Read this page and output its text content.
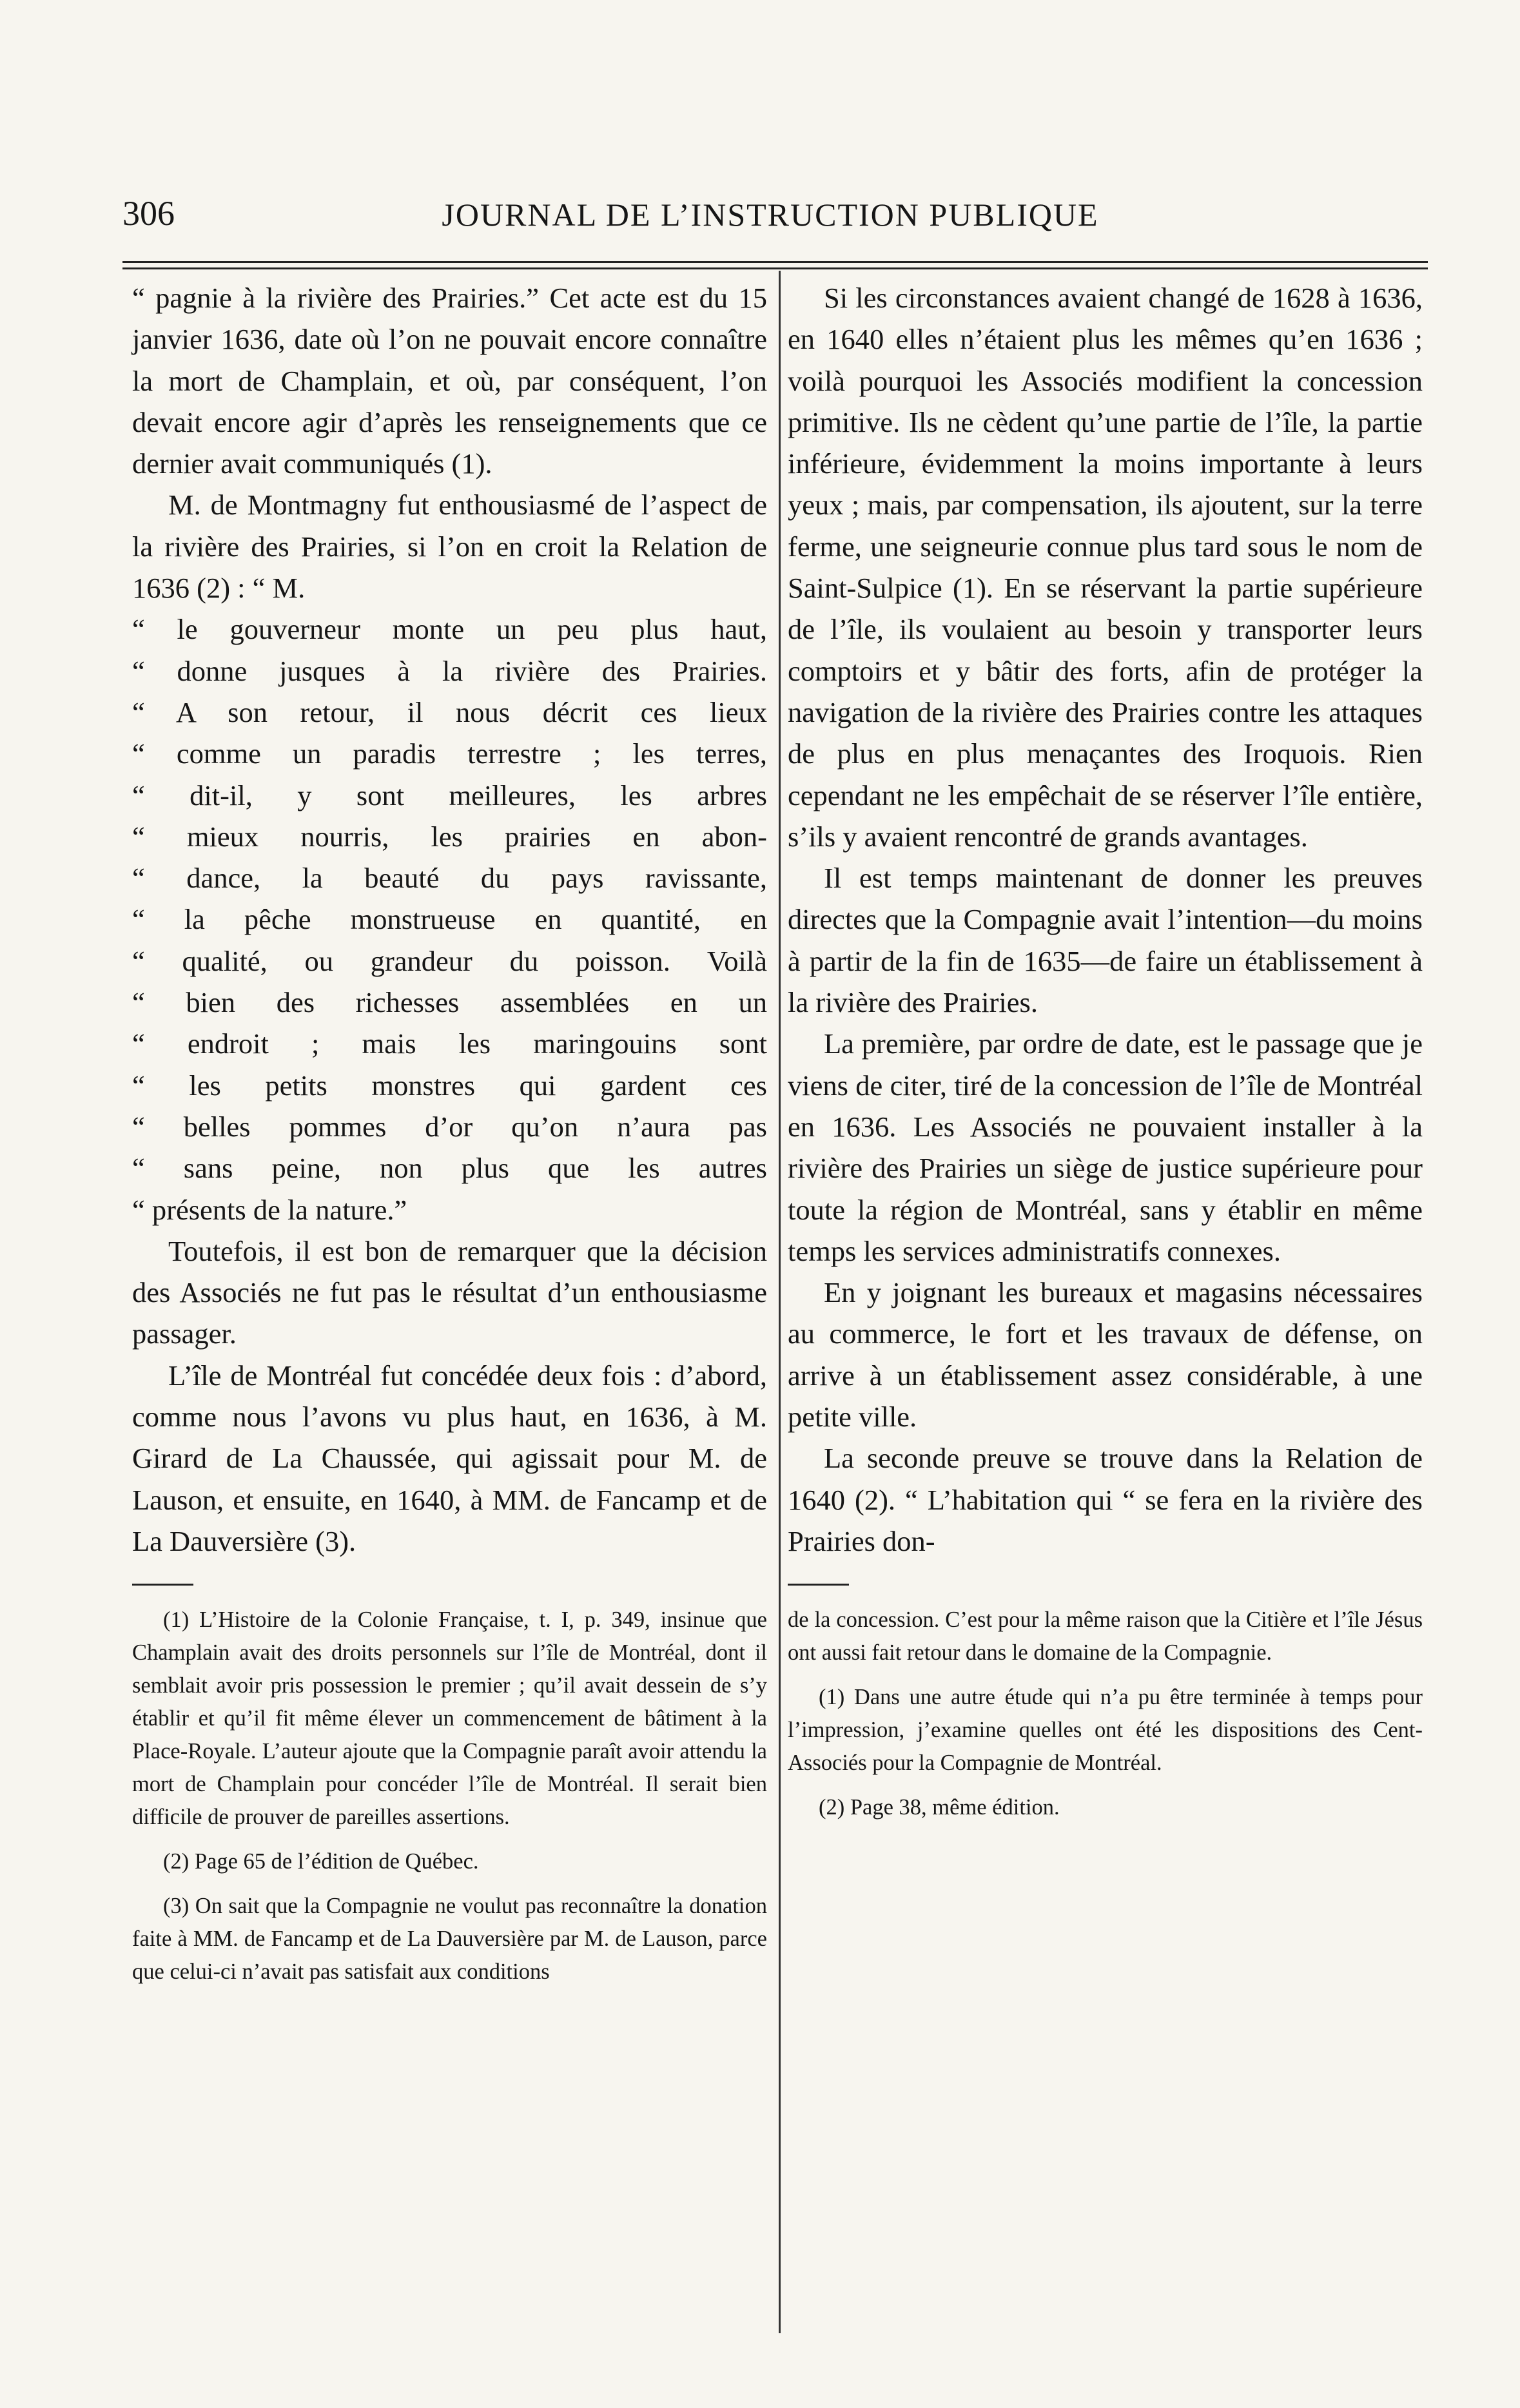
306	JOURNAL DE L’INSTRUCTION PUBLIQUE

“ pagnie à la rivière des Prairies.” Cet acte est du 15 janvier 1636, date où l’on ne pouvait encore connaître la mort de Champlain, et où, par conséquent, l’on devait encore agir d’après les renseignements que ce dernier avait communiqués (1).

M. de Montmagny fut enthousiasmé de l’aspect de la rivière des Prairies, si l’on en croit la Relation de 1636 (2) : “ M.

“ le gouverneur monte un peu plus haut,
“ donne jusques à la rivière des Prairies.
“ A son retour, il nous décrit ces lieux
“ comme un paradis terrestre ; les terres,
“ dit-il, y sont meilleures, les arbres
“ mieux nourris, les prairies en abon-
“ dance, la beauté du pays ravissante,
“ la pêche monstrueuse en quantité, en
“ qualité, ou grandeur du poisson. Voilà
“ bien des richesses assemblées en un
“ endroit ; mais les maringouins sont
“ les petits monstres qui gardent ces
“ belles pommes d’or qu’on n’aura pas
“ sans peine, non plus que les autres
“ présents de la nature.”

Toutefois, il est bon de remarquer que la décision des Associés ne fut pas le résultat d’un enthousiasme passager.

L’île de Montréal fut concédée deux fois : d’abord, comme nous l’avons vu plus haut, en 1636, à M. Girard de La Chaussée, qui agissait pour M. de Lauson, et ensuite, en 1640, à MM. de Fancamp et de La Dauversière (3).

(1) L’Histoire de la Colonie Française, t. I, p. 349, insinue que Champlain avait des droits personnels sur l’île de Montréal, dont il semblait avoir pris possession le premier ; qu’il avait dessein de s’y établir et qu’il fit même élever un commencement de bâtiment à la Place-Royale. L’auteur ajoute que la Compagnie paraît avoir attendu la mort de Champlain pour concéder l’île de Montréal. Il serait bien difficile de prouver de pareilles assertions.

(2) Page 65 de l’édition de Québec.

(3) On sait que la Compagnie ne voulut pas reconnaître la donation faite à MM. de Fancamp et de La Dauversière par M. de Lauson, parce que celui-ci n’avait pas satisfait aux conditions

Si les circonstances avaient changé de 1628 à 1636, en 1640 elles n’étaient plus les mêmes qu’en 1636 ; voilà pourquoi les Associés modifient la concession primitive. Ils ne cèdent qu’une partie de l’île, la partie inférieure, évidemment la moins importante à leurs yeux ; mais, par compensation, ils ajoutent, sur la terre ferme, une seigneurie connue plus tard sous le nom de Saint-Sulpice (1). En se réservant la partie supérieure de l’île, ils voulaient au besoin y transporter leurs comptoirs et y bâtir des forts, afin de protéger la navigation de la rivière des Prairies contre les attaques de plus en plus menaçantes des Iroquois. Rien cependant ne les empêchait de se réserver l’île entière, s’ils y avaient rencontré de grands avantages.

Il est temps maintenant de donner les preuves directes que la Compagnie avait l’intention—du moins à partir de la fin de 1635—de faire un établissement à la rivière des Prairies.

La première, par ordre de date, est le passage que je viens de citer, tiré de la concession de l’île de Montréal en 1636. Les Associés ne pouvaient installer à la rivière des Prairies un siège de justice supérieure pour toute la région de Montréal, sans y établir en même temps les services administratifs connexes.

En y joignant les bureaux et magasins nécessaires au commerce, le fort et les travaux de défense, on arrive à un établissement assez considérable, à une petite ville.

La seconde preuve se trouve dans la Relation de 1640 (2). “ L’habitation qui “ se fera en la rivière des Prairies don-

de la concession. C’est pour la même raison que la Citière et l’île Jésus ont aussi fait retour dans le domaine de la Compagnie.

(1) Dans une autre étude qui n’a pu être terminée à temps pour l’impression, j’examine quelles ont été les dispositions des Cent-Associés pour la Compagnie de Montréal.

(2) Page 38, même édition.
